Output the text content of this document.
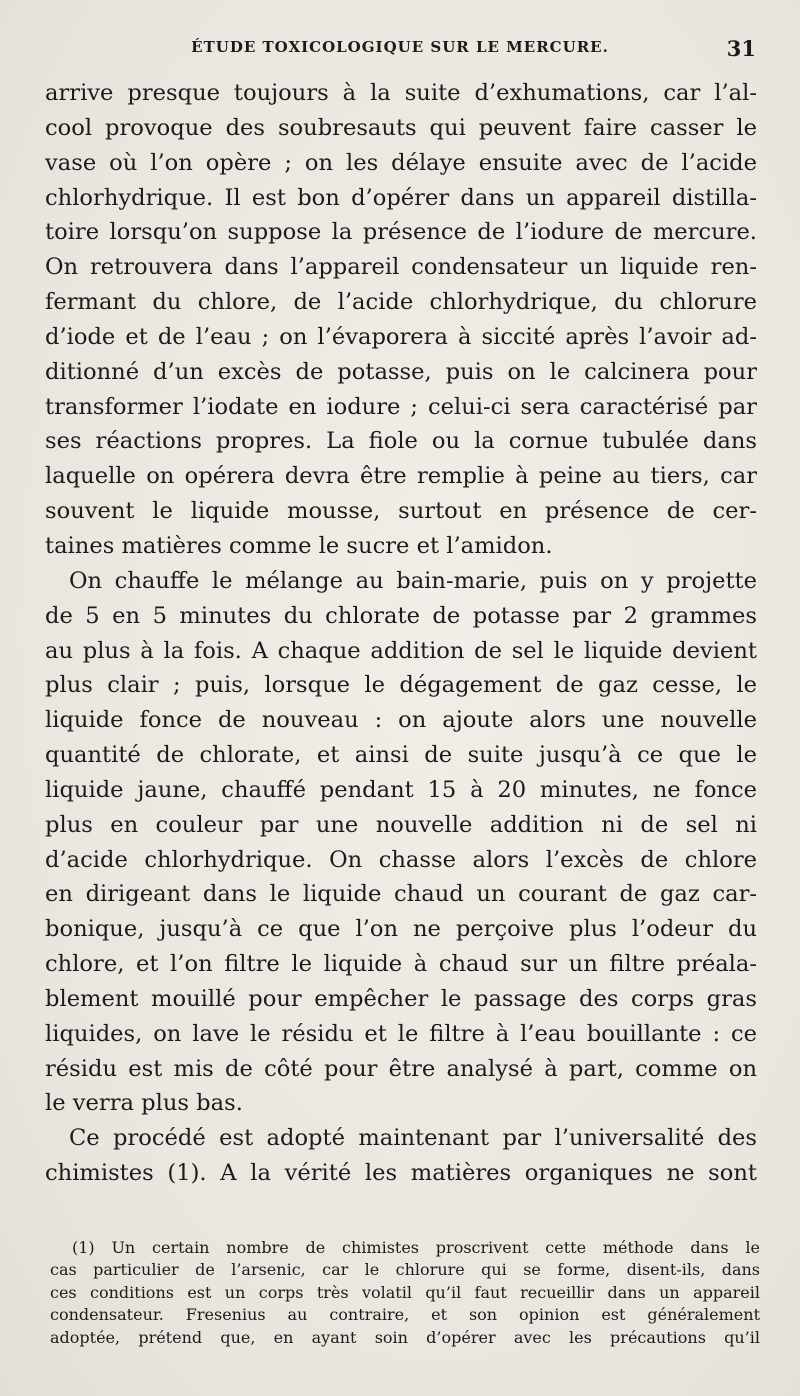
ÉTUDE TOXICOLOGIQUE SUR LE MERCURE.	31
arrive presque toujours à la suite d’exhumations, car l’al-
cool provoque des soubresauts qui peuvent faire casser le
vase où l’on opère ; on les délaye ensuite avec de l’acide
chlorhydrique. Il est bon d’opérer dans un appareil distilla-
toire lorsqu’on suppose la présence de l’iodure de mercure.
On retrouvera dans l’appareil condensateur un liquide ren-
fermant du chlore, de l’acide chlorhydrique, du chlorure
d’iode et de l’eau ; on l’évaporera à siccité après l’avoir ad-
ditionné d’un excès de potasse, puis on le calcinera pour
transformer l’iodate en iodure ; celui-ci sera caractérisé par
ses réactions propres. La fiole ou la cornue tubulée dans
laquelle on opérera devra être remplie à peine au tiers, car
souvent le liquide mousse, surtout en présence de cer-
taines matières comme le sucre et l’amidon.
On chauffe le mélange au bain-marie, puis on y projette
de 5 en 5 minutes du chlorate de potasse par 2 grammes
au plus à la fois. A chaque addition de sel le liquide devient
plus clair ; puis, lorsque le dégagement de gaz cesse, le
liquide fonce de nouveau : on ajoute alors une nouvelle
quantité de chlorate, et ainsi de suite jusqu’à ce que le
liquide jaune, chauffé pendant 15 à 20 minutes, ne fonce
plus en couleur par une nouvelle addition ni de sel ni
d’acide chlorhydrique. On chasse alors l’excès de chlore
en dirigeant dans le liquide chaud un courant de gaz car-
bonique, jusqu’à ce que l’on ne perçoive plus l’odeur du
chlore, et l’on filtre le liquide à chaud sur un filtre préala-
blement mouillé pour empêcher le passage des corps gras
liquides, on lave le résidu et le filtre à l’eau bouillante : ce
résidu est mis de côté pour être analysé à part, comme on
le verra plus bas.
Ce procédé est adopté maintenant par l’universalité des
chimistes (1). A la vérité les matières organiques ne sont
(1) Un certain nombre de chimistes proscrivent cette méthode dans le
cas particulier de l’arsenic, car le chlorure qui se forme, disent-ils, dans
ces conditions est un corps très volatil qu’il faut recueillir dans un appareil
condensateur. Fresenius au contraire, et son opinion est généralement
adoptée, prétend que, en ayant soin d’opérer avec les précautions qu’il
